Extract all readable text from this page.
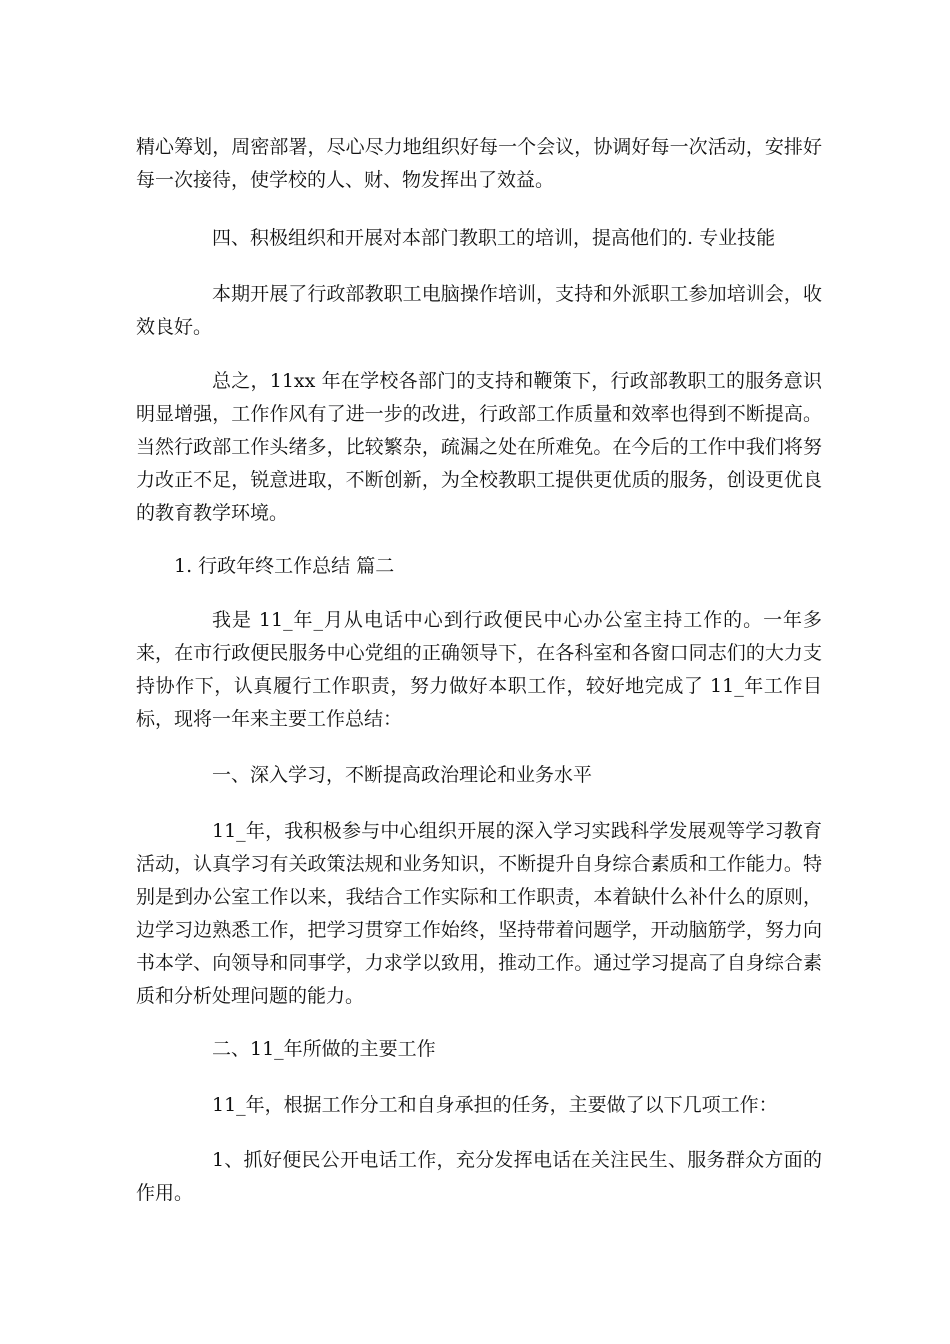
精心筹划，周密部署，尽心尽力地组织好每一个会议，协调好每一次活动，安排好每一次接待，使学校的人、财、物发挥出了效益。

四、积极组织和开展对本部门教职工的培训，提高他们的. 专业技能

本期开展了行政部教职工电脑操作培训，支持和外派职工参加培训会，收效良好。

总之，11xx 年在学校各部门的支持和鞭策下，行政部教职工的服务意识明显增强，工作作风有了进一步的改进，行政部工作质量和效率也得到不断提高。当然行政部工作头绪多，比较繁杂，疏漏之处在所难免。在今后的工作中我们将努力改正不足，锐意进取，不断创新，为全校教职工提供更优质的服务，创设更优良的教育教学环境。

1. 行政年终工作总结 篇二

我是 11_年_月从电话中心到行政便民中心办公室主持工作的。一年多来，在市行政便民服务中心党组的正确领导下，在各科室和各窗口同志们的大力支持协作下，认真履行工作职责，努力做好本职工作，较好地完成了 11_年工作目标，现将一年来主要工作总结：

一、深入学习，不断提高政治理论和业务水平

11_年，我积极参与中心组织开展的深入学习实践科学发展观等学习教育活动，认真学习有关政策法规和业务知识，不断提升自身综合素质和工作能力。特别是到办公室工作以来，我结合工作实际和工作职责，本着缺什么补什么的原则，边学习边熟悉工作，把学习贯穿工作始终，坚持带着问题学，开动脑筋学，努力向书本学、向领导和同事学，力求学以致用，推动工作。通过学习提高了自身综合素质和分析处理问题的能力。

二、11_年所做的主要工作

11_年，根据工作分工和自身承担的任务，主要做了以下几项工作：

1、抓好便民公开电话工作，充分发挥电话在关注民生、服务群众方面的作用。
